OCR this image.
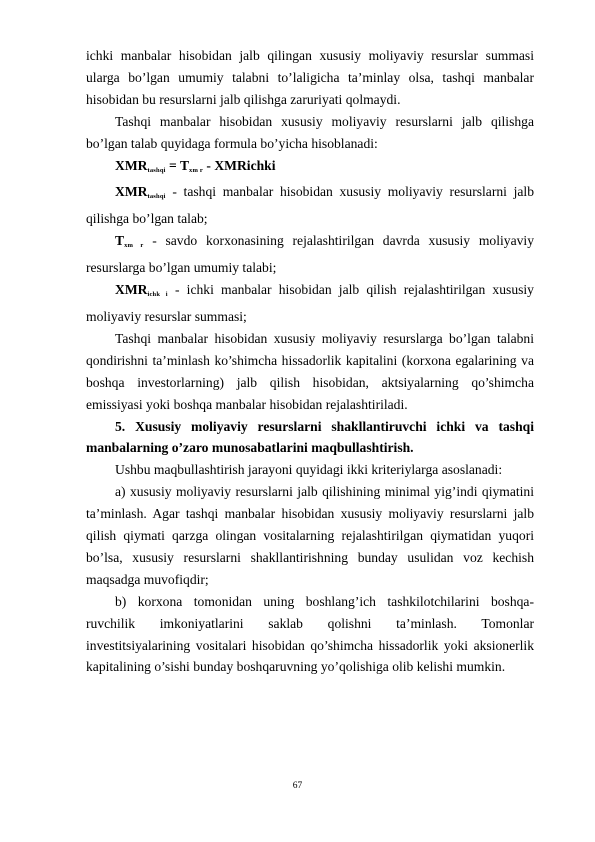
ichki manbalar hisobidan jalb qilingan xususiy moliyaviy resurslar summasi ularga bo’lgan umumiy talabni to’laligicha ta’minlay olsa, tashqi manbalar hisobidan bu resurslarni jalb qilishga zaruriyati qolmaydi.

Tashqi manbalar hisobidan xususiy moliyaviy resurslarni jalb qilishga bo’lgan talab quyidaga formula bo’yicha hisoblanadi:

$XMR_{tashqi} = T_{xm r}$ - XMRichki

$XMR_{tashqi}$ - tashqi manbalar hisobidan xususiy moliyaviy resurslarni jalb qilishga bo’lgan talab;

$T_{xm r}$ - savdo korxonasining rejalashtirilgan davrda xususiy moliyaviy resurslarga bo’lgan umumiy talabi;

$XMR_{ichk i}$ - ichki manbalar hisobidan jalb qilish rejalashtirilgan xususiy moliyaviy resurslar summasi;

Tashqi manbalar hisobidan xususiy moliyaviy resurslarga bo’lgan talabni qondirishni ta’minlash ko’shimcha hissadorlik kapitalini (korxona egalarining va boshqa investorlarning) jalb qilish hisobidan, aktsiyalarning qo’shimcha emissiyasi yoki boshqa manbalar hisobidan rejalashtiriladi.

5. Xususiy moliyaviy resurslarni shakllantiruvchi ichki va tashqi manbalarning o’zaro munosabatlarini maqbullashtirish.

Ushbu maqbullashtirish jarayoni quyidagi ikki kriteriylarga asoslanadi:

a) xususiy moliyaviy resurslarni jalb qilishining minimal yig’indi qiymatini ta’minlash. Agar tashqi manbalar hisobidan xususiy moliyaviy resurslarni jalb qilish qiymati qarzga olingan vositalarning rejalashtirilgan qiymatidan yuqori bo’lsa, xususiy resurslarni shakllantirishning bunday usulidan voz kechish maqsadga muvofiqdir;

b) korxona tomonidan uning boshlang’ich tashkilotchilarini boshqa-ruvchilik imkoniyatlarini saklab qolishni ta’minlash. Tomonlar investitsiyalarining vositalari hisobidan qo’shimcha hissadorlik yoki aksionerlik kapitalining o’sishi bunday boshqaruvning yo’qolishiga olib kelishi mumkin.

67
